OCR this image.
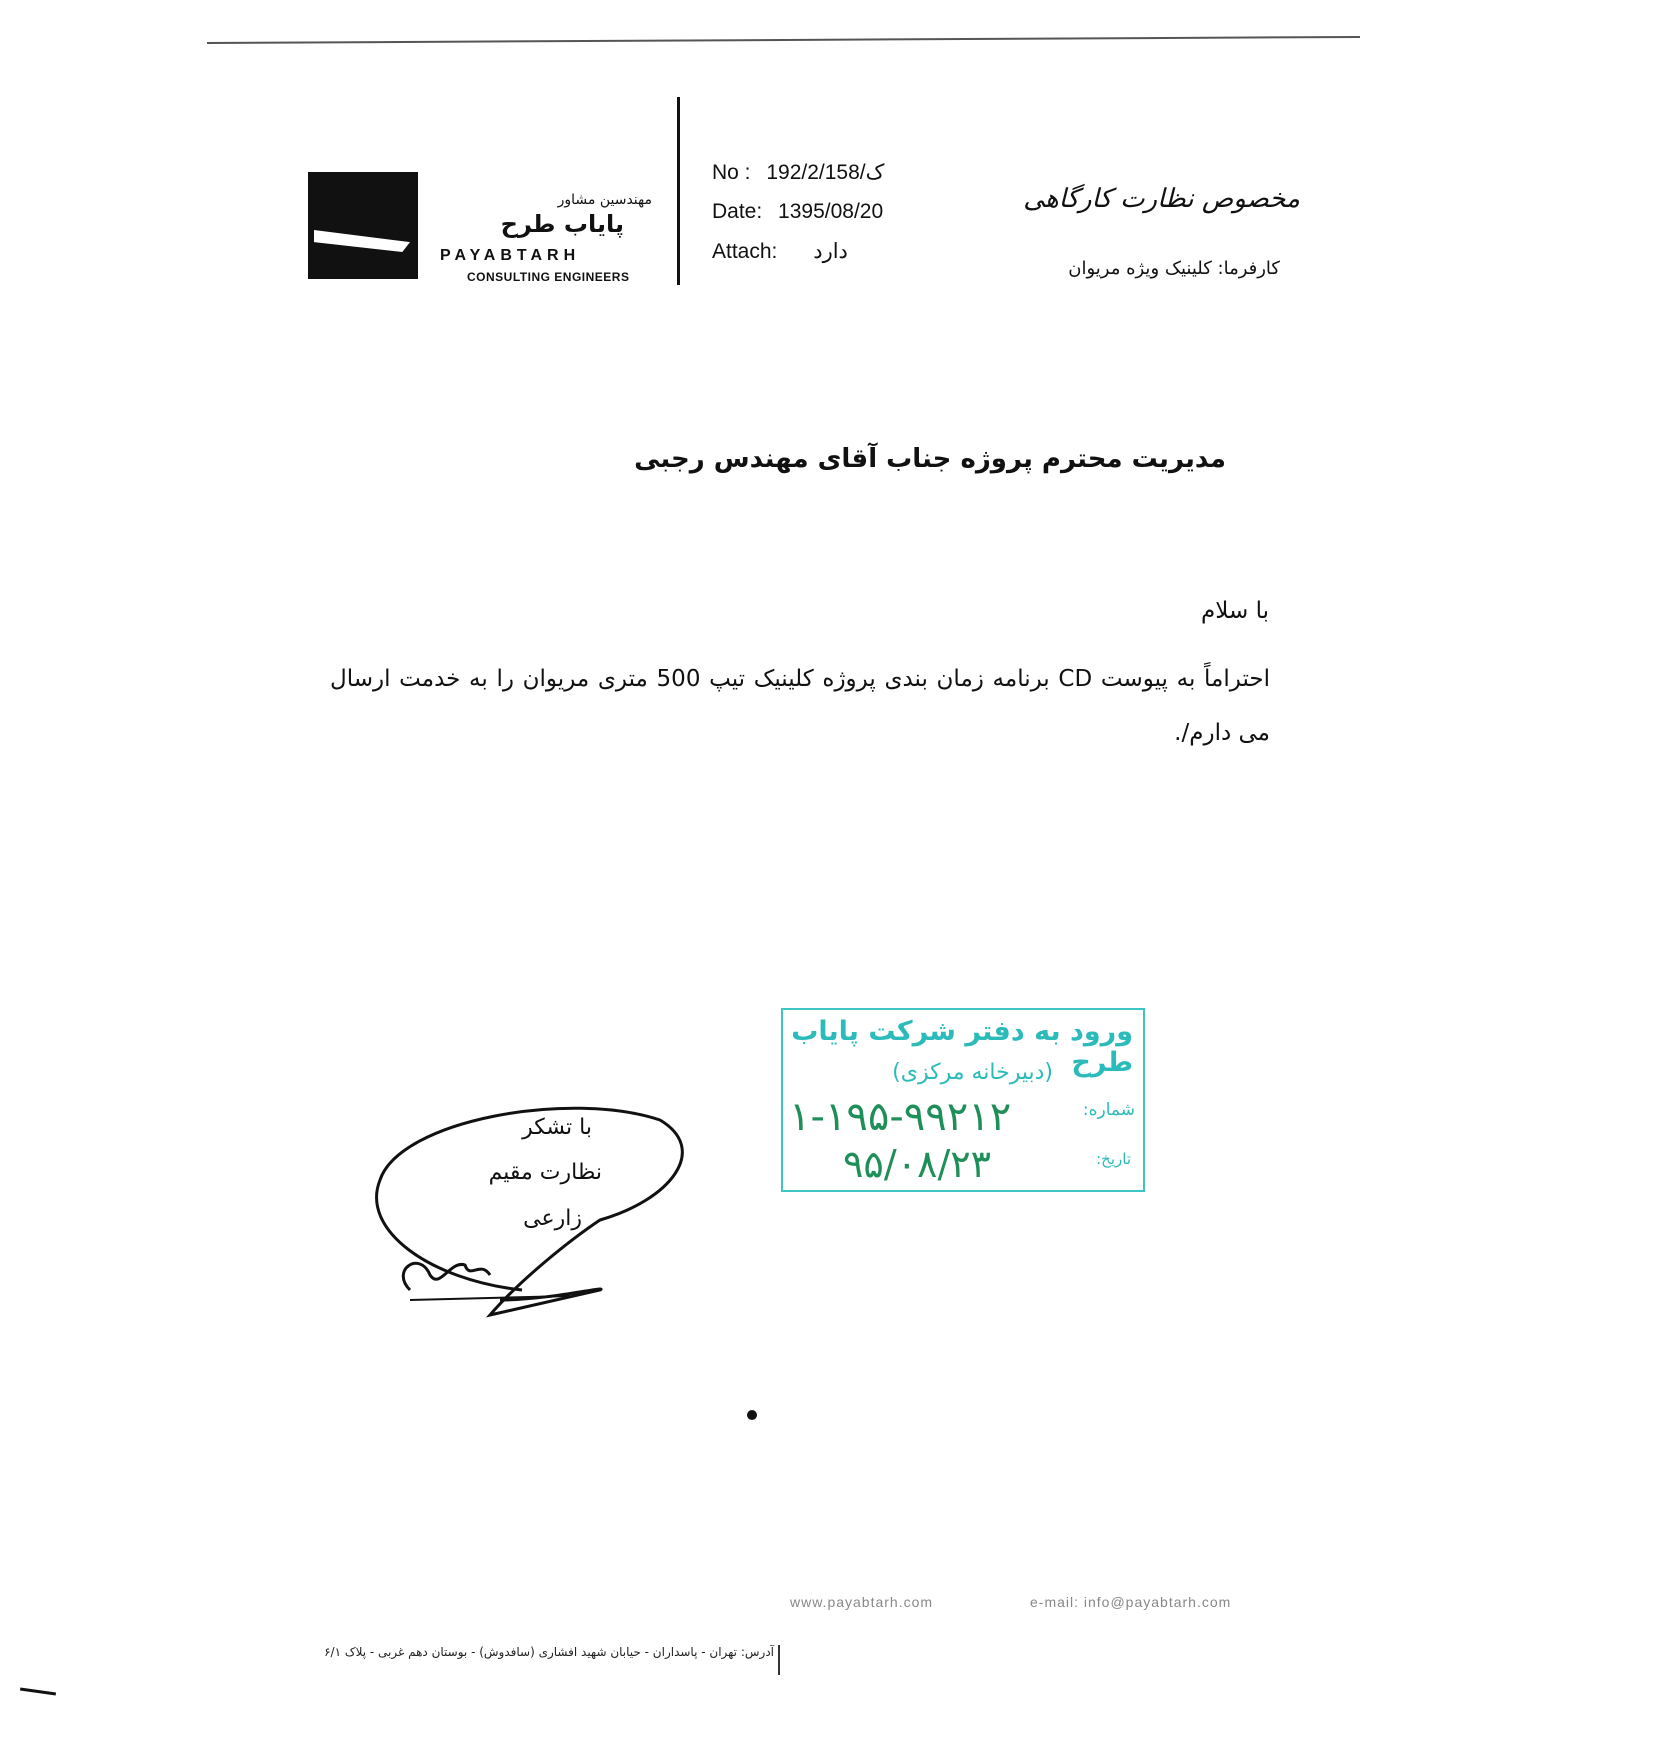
مهندسین مشاور
پایاب طرح
PAYABTARH
CONSULTING ENGINEERS
No : 192/2/ک/158
Date: 1395/08/20
Attach: دارد
مخصوص نظارت کارگاهی
کارفرما: کلینیک ویژه مریوان
مدیریت محترم پروژه جناب آقای مهندس رجبی
با سلام
احتراماً به پیوست CD برنامه زمان بندی پروژه کلینیک تیپ 500 متری مریوان را به خدمت ارسال می دارم/.
ورود به دفتر شرکت پایاب طرح
(دبیرخانه مرکزی)
شماره:
تاریخ:
۱-۱۹۵-۹۹۲۱۲
۹۵/۰۸/۲۳
با تشکر
نظارت مقیم
زارعی
www.payabtarh.com	e-mail: info@payabtarh.com
آدرس: تهران - پاسداران - حیابان شهید افشاری (سافدوش) - بوستان دهم غربی - پلاک ۶/۱
